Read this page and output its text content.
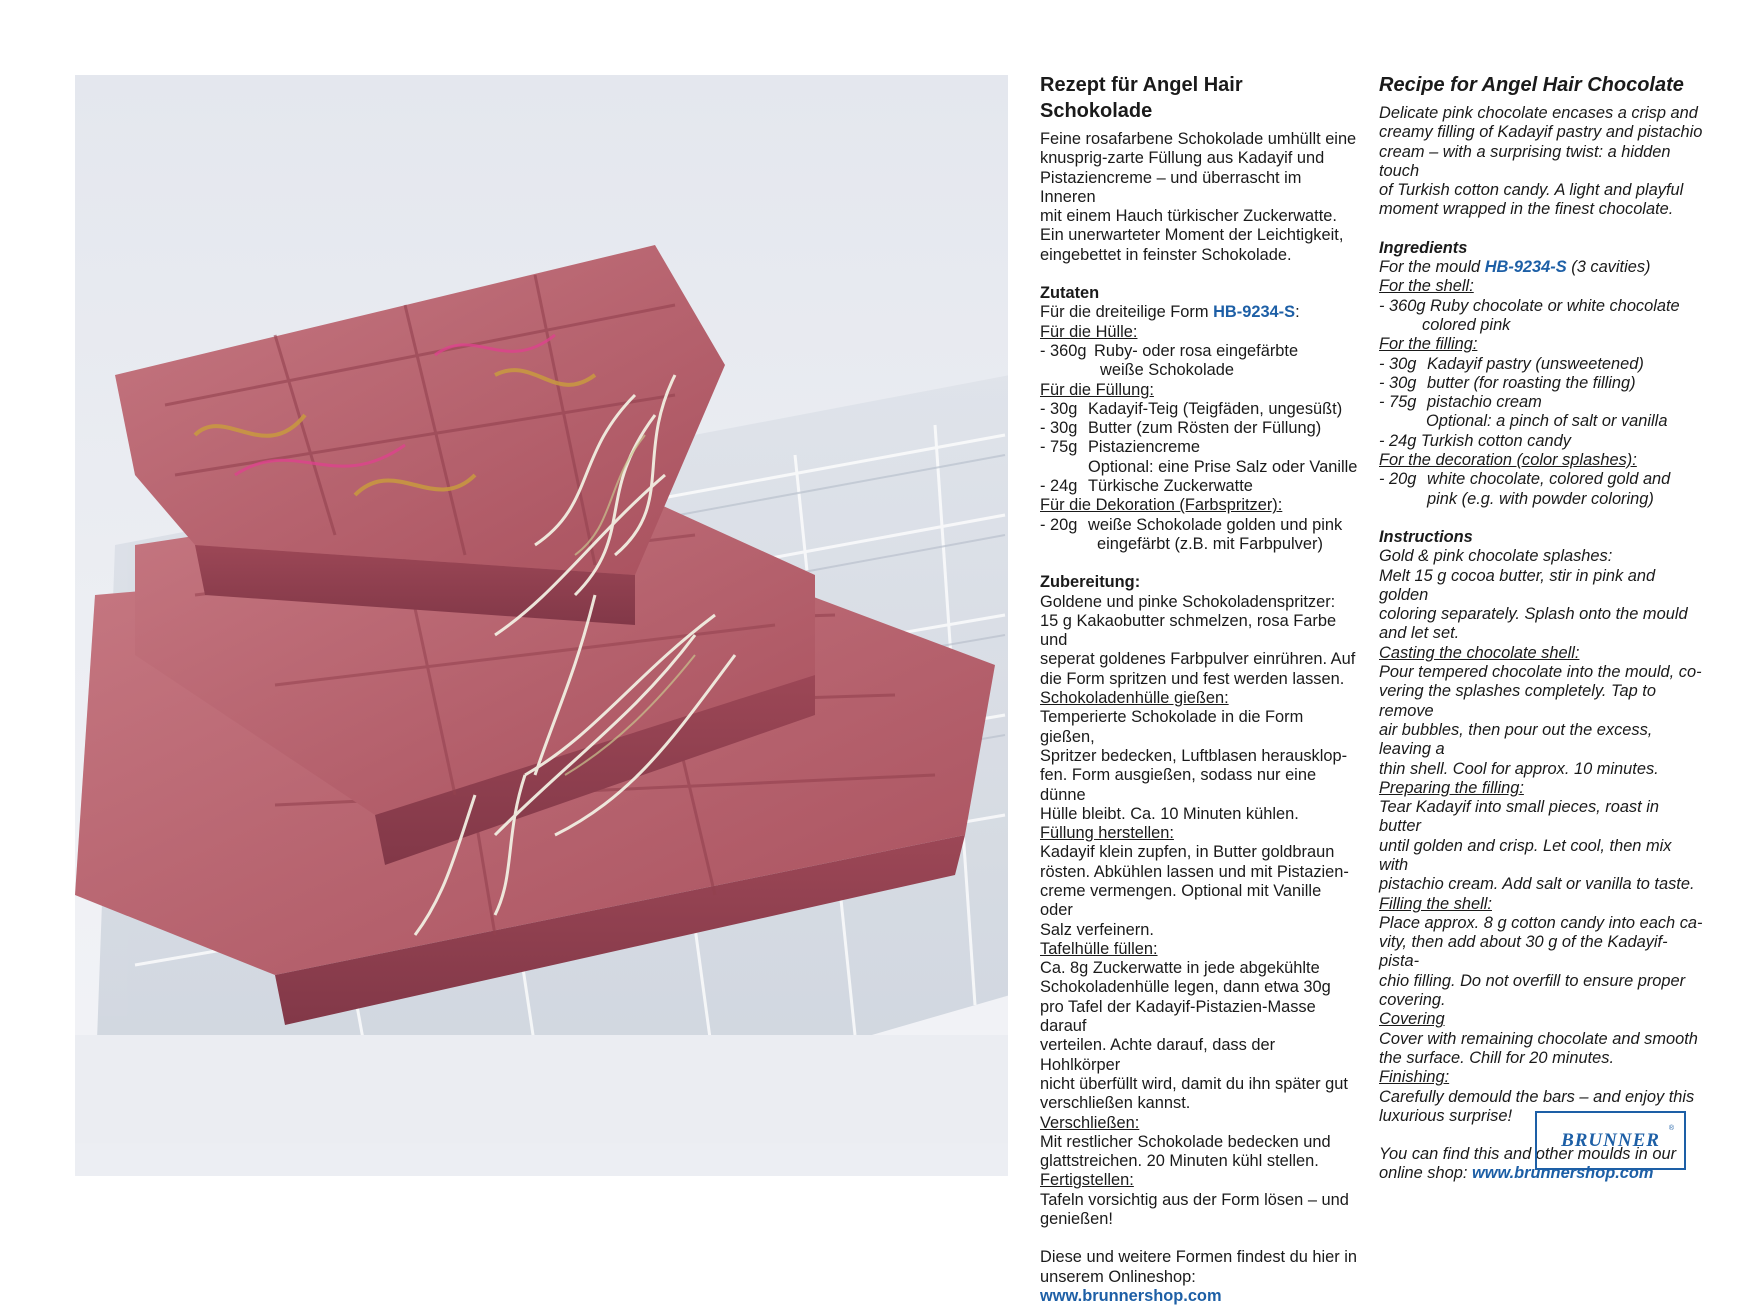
Rezept für Angel Hair Schokolade

Feine rosafarbene Schokolade umhüllt eine

knusprig-zarte Füllung aus Kadayif und

Pistaziencreme – und überrascht im Inneren

mit einem Hauch türkischer Zuckerwatte.

Ein unerwarteter Moment der Leichtigkeit,

eingebettet in feinster Schokolade.

Zutaten

Für die dreiteilige Form HB-9234-S:

Für die Hülle:

- 360g Ruby- oder rosa eingefärbte

weiße Schokolade

Für die Füllung:

- 30g Kadayif-Teig (Teigfäden, ungesüßt)
- 30g Butter (zum Rösten der Füllung)
- 75g Pistaziencreme

Optional: eine Prise Salz oder Vanille

- 24g Türkische Zuckerwatte

Für die Dekoration (Farbspritzer):

- 20g weiße Schokolade golden und pink

eingefärbt (z.B. mit Farbpulver)

Zubereitung:

Goldene und pinke Schokoladenspritzer:

15 g Kakaobutter schmelzen, rosa Farbe und

seperat goldenes Farbpulver einrühren. Auf

die Form spritzen und fest werden lassen.

Schokoladenhülle gießen:

Temperierte Schokolade in die Form gießen,

Spritzer bedecken, Luftblasen herausklop-

fen. Form ausgießen, sodass nur eine dünne

Hülle bleibt. Ca. 10 Minuten kühlen.

Füllung herstellen:

Kadayif klein zupfen, in Butter goldbraun

rösten. Abkühlen lassen und mit Pistazien-

creme vermengen. Optional mit Vanille oder

Salz verfeinern.

Tafelhülle füllen:

Ca. 8g Zuckerwatte in jede abgekühlte

Schokoladenhülle legen, dann etwa 30g

pro Tafel der Kadayif-Pistazien-Masse darauf

verteilen. Achte darauf, dass der Hohlkörper

nicht überfüllt wird, damit du ihn später gut

verschließen kannst.

Verschließen:

Mit restlicher Schokolade bedecken und

glattstreichen. 20 Minuten kühl stellen.

Fertigstellen:

Tafeln vorsichtig aus der Form lösen – und

genießen!

Diese und weitere Formen findest du hier in

unserem Onlineshop:

www.brunnershop.com

Recipe for Angel Hair Chocolate

Delicate pink chocolate encases a crisp and

creamy filling of Kadayif pastry and pistachio

cream – with a surprising twist: a hidden touch

of Turkish cotton candy. A light and playful

moment wrapped in the finest chocolate.

Ingredients

For the mould HB-9234-S (3 cavities)

For the shell:

- 360g Ruby chocolate or white chocolate

colored pink

For the filling:

- 30g Kadayif pastry (unsweetened)
- 30g butter (for roasting the filling)
- 75g pistachio cream

Optional: a pinch of salt or vanilla

- 24g Turkish cotton candy

For the decoration (color splashes):

- 20g white chocolate, colored gold and

pink (e.g. with powder coloring)

Instructions

Gold & pink chocolate splashes:

Melt 15 g cocoa butter, stir in pink and golden

coloring separately. Splash onto the mould

and let set.

Casting the chocolate shell:

Pour tempered chocolate into the mould, co-

vering the splashes completely. Tap to remove

air bubbles, then pour out the excess, leaving a

thin shell. Cool for approx. 10 minutes.

Preparing the filling:

Tear Kadayif into small pieces, roast in butter

until golden and crisp. Let cool, then mix with

pistachio cream. Add salt or vanilla to taste.

Filling the shell:

Place approx. 8 g cotton candy into each ca-

vity, then add about 30 g of the Kadayif-pista-

chio filling. Do not overfill to ensure proper

covering.

Covering

Cover with remaining chocolate and smooth

the surface. Chill for 20 minutes.

Finishing:

Carefully demould the bars – and enjoy this

luxurious surprise!

You can find this and other moulds in our

online shop: www.brunnershop.com

BRUNNER
®
